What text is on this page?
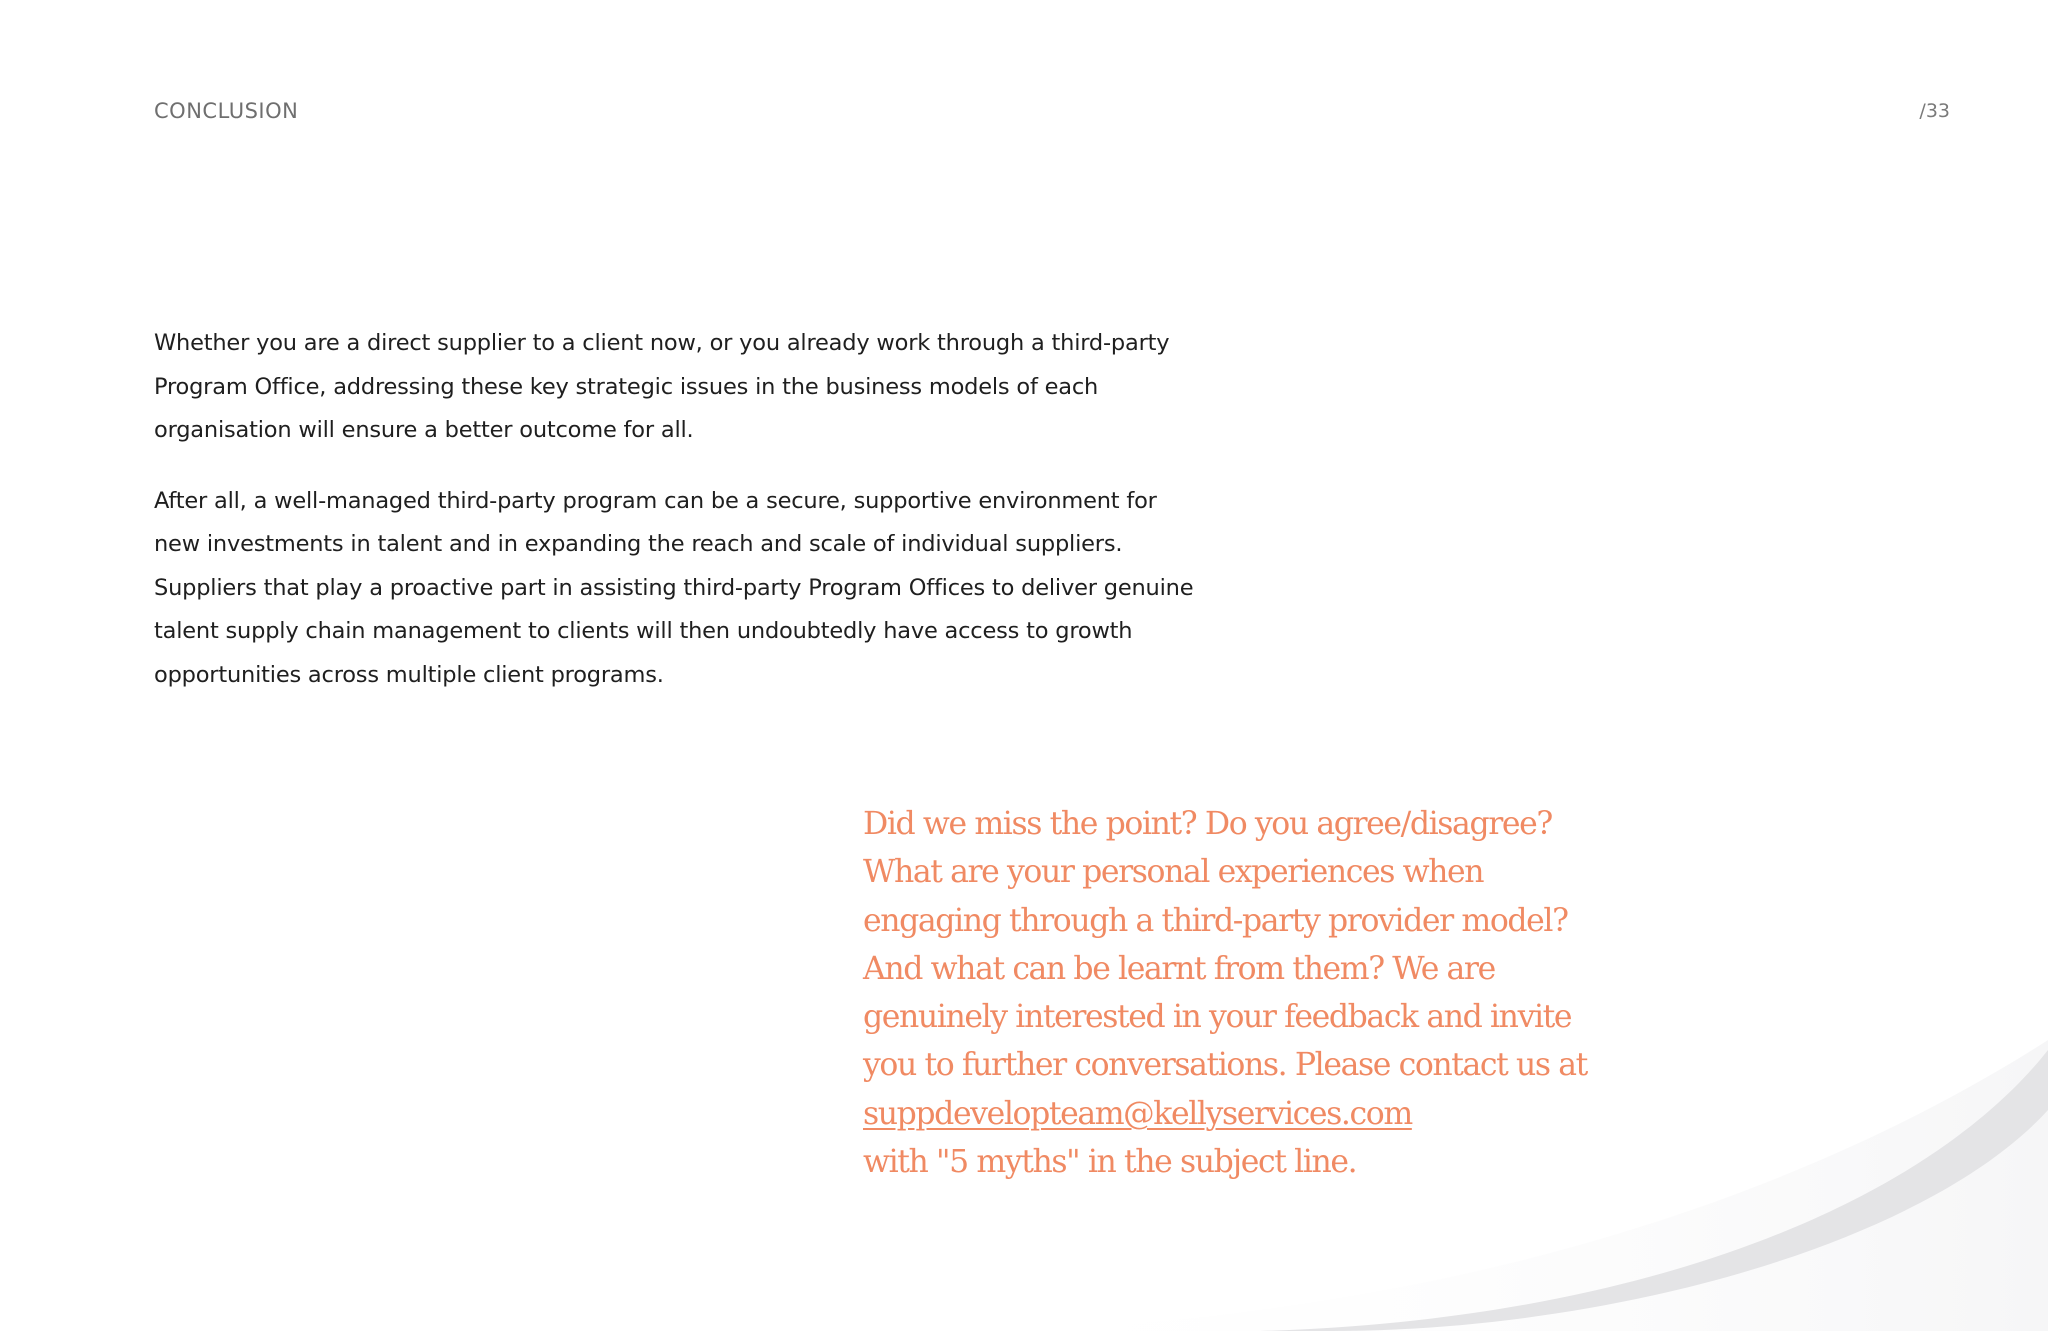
CONCLUSION	/33

Whether you are a direct supplier to a client now, or you already work through a third-party Program Office, addressing these key strategic issues in the business models of each organisation will ensure a better outcome for all.

After all, a well-managed third-party program can be a secure, supportive environment for new investments in talent and in expanding the reach and scale of individual suppliers. Suppliers that play a proactive part in assisting third-party Program Offices to deliver genuine talent supply chain management to clients will then undoubtedly have access to growth opportunities across multiple client programs.

Did we miss the point? Do you agree/disagree? What are your personal experiences when engaging through a third-party provider model? And what can be learnt from them? We are genuinely interested in your feedback and invite you to further conversations. Please contact us at
suppdevelopteam@kellyservices.com
with "5 myths" in the subject line.
